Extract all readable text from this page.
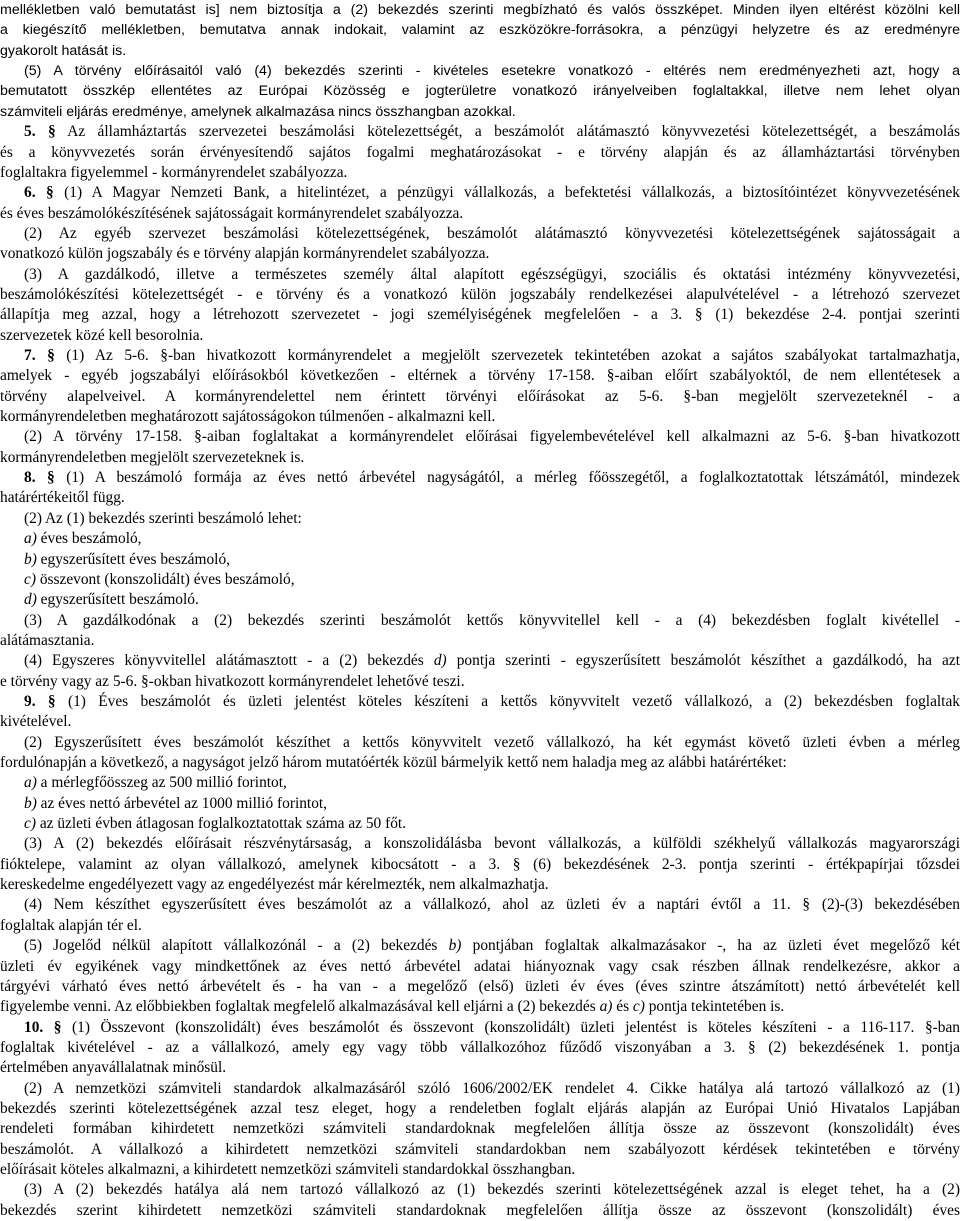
mellékletben való bemutatást is] nem biztosítja a (2) bekezdés szerinti megbízható és valós összképet. Minden ilyen eltérést közölni kell
a kiegészítő mellékletben, bemutatva annak indokait, valamint az eszközökre-forrásokra, a pénzügyi helyzetre és az eredményre
gyakorolt hatását is.
(5) A törvény előírásaitól való (4) bekezdés szerinti - kivételes esetekre vonatkozó - eltérés nem eredményezheti azt, hogy a
bemutatott összkép ellentétes az Európai Közösség e jogterületre vonatkozó irányelveiben foglaltakkal, illetve nem lehet olyan
számviteli eljárás eredménye, amelynek alkalmazása nincs összhangban azokkal.
5. § Az államháztartás szervezetei beszámolási kötelezettségét, a beszámolót alátámasztó könyvvezetési kötelezettségét, a beszámolás
és a könyvvezetés során érvényesítendő sajátos fogalmi meghatározásokat - e törvény alapján és az államháztartási törvényben
foglaltakra figyelemmel - kormányrendelet szabályozza.
6. § (1) A Magyar Nemzeti Bank, a hitelintézet, a pénzügyi vállalkozás, a befektetési vállalkozás, a biztosítóintézet könyvvezetésének
és éves beszámolókészítésének sajátosságait kormányrendelet szabályozza.
(2) Az egyéb szervezet beszámolási kötelezettségének, beszámolót alátámasztó könyvvezetési kötelezettségének sajátosságait a
vonatkozó külön jogszabály és e törvény alapján kormányrendelet szabályozza.
(3) A gazdálkodó, illetve a természetes személy által alapított egészségügyi, szociális és oktatási intézmény könyvvezetési,
beszámolókészítési kötelezettségét - e törvény és a vonatkozó külön jogszabály rendelkezései alapulvételével - a létrehozó szervezet
állapítja meg azzal, hogy a létrehozott szervezetet - jogi személyiségének megfelelően - a 3. § (1) bekezdése 2-4. pontjai szerinti
szervezetek közé kell besorolnia.
7. § (1) Az 5-6. §-ban hivatkozott kormányrendelet a megjelölt szervezetek tekintetében azokat a sajátos szabályokat tartalmazhatja,
amelyek - egyéb jogszabályi előírásokból következően - eltérnek a törvény 17-158. §-aiban előírt szabályoktól, de nem ellentétesek a
törvény alapelveivel. A kormányrendelettel nem érintett törvényi előírásokat az 5-6. §-ban megjelölt szervezeteknél - a
kormányrendeletben meghatározott sajátosságokon túlmenően - alkalmazni kell.
(2) A törvény 17-158. §-aiban foglaltakat a kormányrendelet előírásai figyelembevételével kell alkalmazni az 5-6. §-ban hivatkozott
kormányrendeletben megjelölt szervezeteknek is.
8. § (1) A beszámoló formája az éves nettó árbevétel nagyságától, a mérleg főösszegétől, a foglalkoztatottak létszámától, mindezek
határértékeitől függ.
(2) Az (1) bekezdés szerinti beszámoló lehet:
a) éves beszámoló,
b) egyszerűsített éves beszámoló,
c) összevont (konszolidált) éves beszámoló,
d) egyszerűsített beszámoló.
(3) A gazdálkodónak a (2) bekezdés szerinti beszámolót kettős könyvvitellel kell - a (4) bekezdésben foglalt kivétellel -
alátámasztania.
(4) Egyszeres könyvvitellel alátámasztott - a (2) bekezdés d) pontja szerinti - egyszerűsített beszámolót készíthet a gazdálkodó, ha azt
e törvény vagy az 5-6. §-okban hivatkozott kormányrendelet lehetővé teszi.
9. § (1) Éves beszámolót és üzleti jelentést köteles készíteni a kettős könyvvitelt vezető vállalkozó, a (2) bekezdésben foglaltak
kivételével.
(2) Egyszerűsített éves beszámolót készíthet a kettős könyvvitelt vezető vállalkozó, ha két egymást követő üzleti évben a mérleg
fordulónapján a következő, a nagyságot jelző három mutatóérték közül bármelyik kettő nem haladja meg az alábbi határértéket:
a) a mérlegfőösszeg az 500 millió forintot,
b) az éves nettó árbevétel az 1000 millió forintot,
c) az üzleti évben átlagosan foglalkoztatottak száma az 50 főt.
(3) A (2) bekezdés előírásait részvénytársaság, a konszolidálásba bevont vállalkozás, a külföldi székhelyű vállalkozás magyarországi
fióktelepe, valamint az olyan vállalkozó, amelynek kibocsátott - a 3. § (6) bekezdésének 2-3. pontja szerinti - értékpapírjai tőzsdei
kereskedelme engedélyezett vagy az engedélyezést már kérelmezték, nem alkalmazhatja.
(4) Nem készíthet egyszerűsített éves beszámolót az a vállalkozó, ahol az üzleti év a naptári évtől a 11. § (2)-(3) bekezdésében
foglaltak alapján tér el.
(5) Jogelőd nélkül alapított vállalkozónál - a (2) bekezdés b) pontjában foglaltak alkalmazásakor -, ha az üzleti évet megelőző két
üzleti év egyikének vagy mindkettőnek az éves nettó árbevétel adatai hiányoznak vagy csak részben állnak rendelkezésre, akkor a
tárgyévi várható éves nettó árbevételt és - ha van - a megelőző (első) üzleti év éves (éves szintre átszámított) nettó árbevételét kell
figyelembe venni. Az előbbiekben foglaltak megfelelő alkalmazásával kell eljárni a (2) bekezdés a) és c) pontja tekintetében is.
10. § (1) Összevont (konszolidált) éves beszámolót és összevont (konszolidált) üzleti jelentést is köteles készíteni - a 116-117. §-ban
foglaltak kivételével - az a vállalkozó, amely egy vagy több vállalkozóhoz fűződő viszonyában a 3. § (2) bekezdésének 1. pontja
értelmében anyavállalatnak minősül.
(2) A nemzetközi számviteli standardok alkalmazásáról szóló 1606/2002/EK rendelet 4. Cikke hatálya alá tartozó vállalkozó az (1)
bekezdés szerinti kötelezettségének azzal tesz eleget, hogy a rendeletben foglalt eljárás alapján az Európai Unió Hivatalos Lapjában
rendeleti formában kihirdetett nemzetközi számviteli standardoknak megfelelően állítja össze az összevont (konszolidált) éves
beszámolót. A vállalkozó a kihirdetett nemzetközi számviteli standardokban nem szabályozott kérdések tekintetében e törvény
előírásait köteles alkalmazni, a kihirdetett nemzetközi számviteli standardokkal összhangban.
(3) A (2) bekezdés hatálya alá nem tartozó vállalkozó az (1) bekezdés szerinti kötelezettségének azzal is eleget tehet, ha a (2)
bekezdés szerint kihirdetett nemzetközi számviteli standardoknak megfelelően állítja össze az összevont (konszolidált) éves
